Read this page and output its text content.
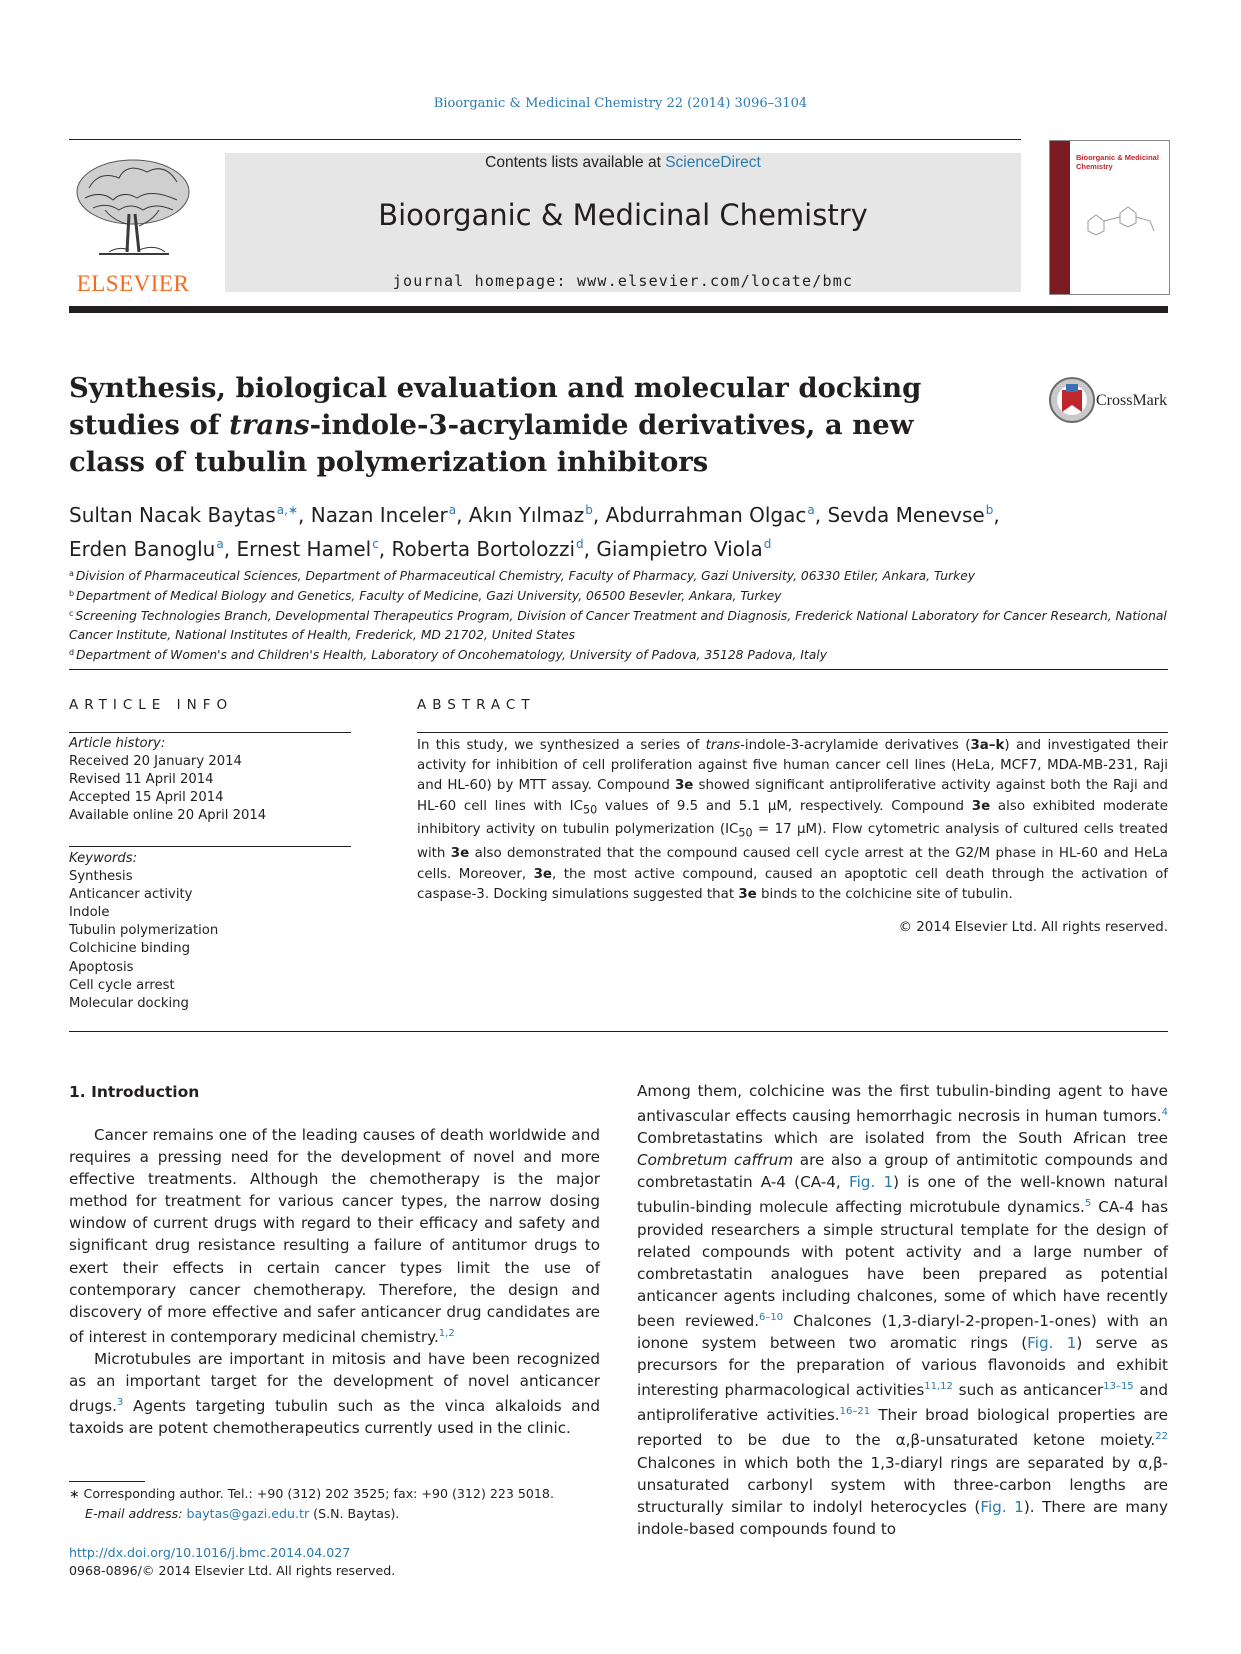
Bioorganic & Medicinal Chemistry 22 (2014) 3096–3104
ELSEVIER
Contents lists available at ScienceDirect
Bioorganic & Medicinal Chemistry
journal homepage: www.elsevier.com/locate/bmc
Bioorganic & Medicinal Chemistry
Synthesis, biological evaluation and molecular docking studies of trans-indole-3-acrylamide derivatives, a new class of tubulin polymerization inhibitors
CrossMark
Sultan Nacak Baytas$^{a,∗}$, Nazan Inceler$^a$, Akın Yılmaz$^b$, Abdurrahman Olgac$^a$, Sevda Menevse$^b$,
Erden Banoglu$^a$, Ernest Hamel$^c$, Roberta Bortolozzi$^d$, Giampietro Viola$^d$
$^a$ Division of Pharmaceutical Sciences, Department of Pharmaceutical Chemistry, Faculty of Pharmacy, Gazi University, 06330 Etiler, Ankara, Turkey
$^b$ Department of Medical Biology and Genetics, Faculty of Medicine, Gazi University, 06500 Besevler, Ankara, Turkey
$^c$ Screening Technologies Branch, Developmental Therapeutics Program, Division of Cancer Treatment and Diagnosis, Frederick National Laboratory for Cancer Research, National Cancer Institute, National Institutes of Health, Frederick, MD 21702, United States
$^d$ Department of Women's and Children's Health, Laboratory of Oncohematology, University of Padova, 35128 Padova, Italy
ARTICLE INFO
Article history:
Received 20 January 2014
Revised 11 April 2014
Accepted 15 April 2014
Available online 20 April 2014
Keywords:
Synthesis
Anticancer activity
Indole
Tubulin polymerization
Colchicine binding
Apoptosis
Cell cycle arrest
Molecular docking
ABSTRACT
In this study, we synthesized a series of trans-indole-3-acrylamide derivatives (3a–k) and investigated their activity for inhibition of cell proliferation against five human cancer cell lines (HeLa, MCF7, MDA-MB-231, Raji and HL-60) by MTT assay. Compound 3e showed significant antiproliferative activity against both the Raji and HL-60 cell lines with $IC_{50}$ values of 9.5 and 5.1 μM, respectively. Compound 3e also exhibited moderate inhibitory activity on tubulin polymerization ($IC_{50} = 17$ μM). Flow cytometric analysis of cultured cells treated with 3e also demonstrated that the compound caused cell cycle arrest at the G2/M phase in HL-60 and HeLa cells. Moreover, 3e, the most active compound, caused an apoptotic cell death through the activation of caspase-3. Docking simulations suggested that 3e binds to the colchicine site of tubulin.
© 2014 Elsevier Ltd. All rights reserved.
1. Introduction

Cancer remains one of the leading causes of death worldwide and requires a pressing need for the development of novel and more effective treatments. Although the chemotherapy is the major method for treatment for various cancer types, the narrow dosing window of current drugs with regard to their efficacy and safety and significant drug resistance resulting a failure of antitumor drugs to exert their effects in certain cancer types limit the use of contemporary cancer chemotherapy. Therefore, the design and discovery of more effective and safer anticancer drug candidates are of interest in contemporary medicinal chemistry.$^{1,2}$

Microtubules are important in mitosis and have been recognized as an important target for the development of novel anticancer drugs.$^3$ Agents targeting tubulin such as the vinca alkaloids and taxoids are potent chemotherapeutics currently used in the clinic.

Among them, colchicine was the first tubulin-binding agent to have antivascular effects causing hemorrhagic necrosis in human tumors.$^4$ Combretastatins which are isolated from the South African tree Combretum caffrum are also a group of antimitotic compounds and combretastatin A-4 (CA-4, Fig. 1) is one of the well-known natural tubulin-binding molecule affecting microtubule dynamics.$^5$ CA-4 has provided researchers a simple structural template for the design of related compounds with potent activity and a large number of combretastatin analogues have been prepared as potential anticancer agents including chalcones, some of which have recently been reviewed.$^{6-10}$ Chalcones (1,3-diaryl-2-propen-1-ones) with an ionone system between two aromatic rings (Fig. 1) serve as precursors for the preparation of various flavonoids and exhibit interesting pharmacological activities$^{11,12}$ such as anticancer$^{13-15}$ and antiproliferative activities.$^{16-21}$ Their broad biological properties are reported to be due to the α,β-unsaturated ketone moiety.$^{22}$ Chalcones in which both the 1,3-diaryl rings are separated by α,β-unsaturated carbonyl system with three-carbon lengths are structurally similar to indolyl heterocycles (Fig. 1). There are many indole-based compounds found to

∗ Corresponding author. Tel.: +90 (312) 202 3525; fax: +90 (312) 223 5018.
E-mail address: baytas@gazi.edu.tr (S.N. Baytas).
http://dx.doi.org/10.1016/j.bmc.2014.04.027
0968-0896/© 2014 Elsevier Ltd. All rights reserved.
